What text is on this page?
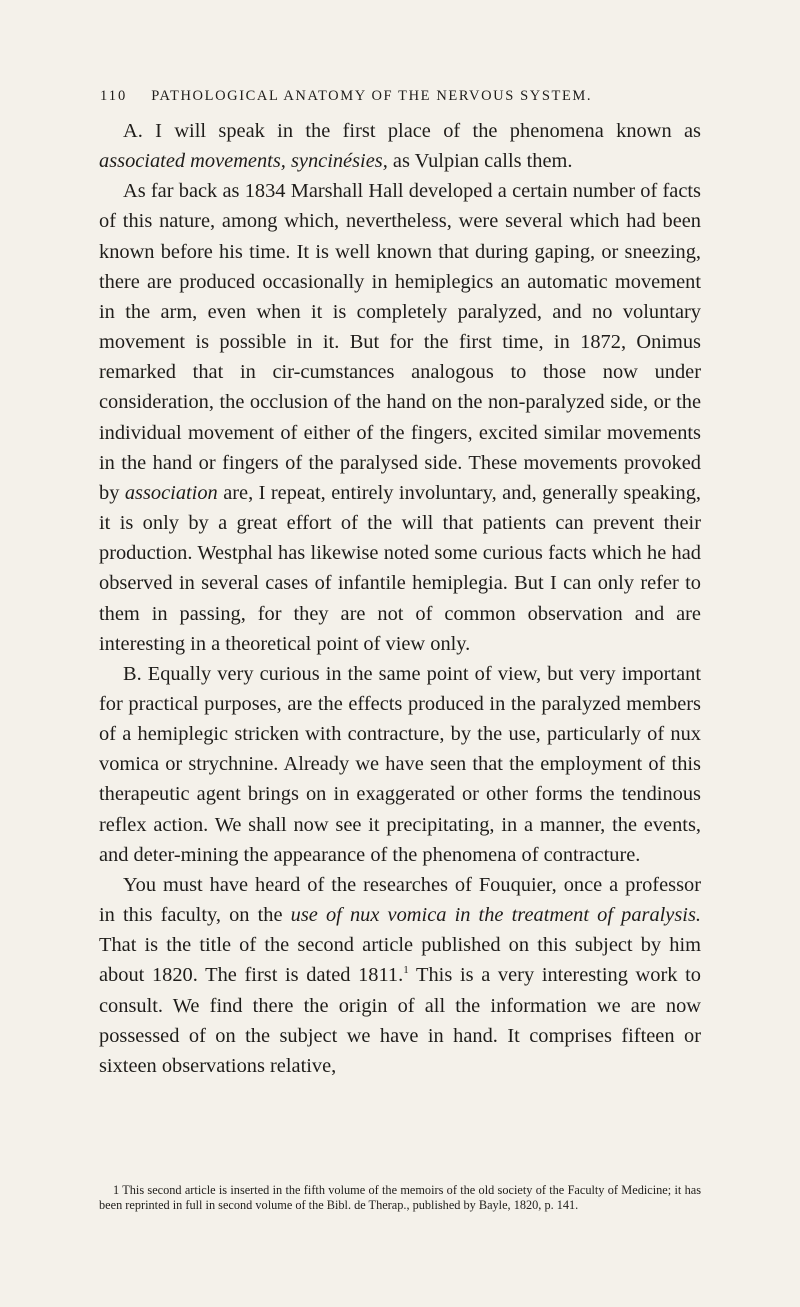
110 PATHOLOGICAL ANATOMY OF THE NERVOUS SYSTEM.

A. I will speak in the first place of the phenomena known as associated movements, syncinésies, as Vulpian calls them.

As far back as 1834 Marshall Hall developed a certain number of facts of this nature, among which, nevertheless, were several which had been known before his time. It is well known that during gaping, or sneezing, there are produced occasionally in hemiplegics an automatic movement in the arm, even when it is completely paralyzed, and no voluntary movement is possible in it. But for the first time, in 1872, Onimus remarked that in cir-cumstances analogous to those now under consideration, the occlusion of the hand on the non-paralyzed side, or the individual movement of either of the fingers, excited similar movements in the hand or fingers of the paralysed side. These movements provoked by association are, I repeat, entirely involuntary, and, generally speaking, it is only by a great effort of the will that patients can prevent their production. Westphal has likewise noted some curious facts which he had observed in several cases of infantile hemiplegia. But I can only refer to them in passing, for they are not of common observation and are interesting in a theoretical point of view only.

B. Equally very curious in the same point of view, but very important for practical purposes, are the effects produced in the paralyzed members of a hemiplegic stricken with contracture, by the use, particularly of nux vomica or strychnine. Already we have seen that the employment of this therapeutic agent brings on in exaggerated or other forms the tendinous reflex action. We shall now see it precipitating, in a manner, the events, and deter-mining the appearance of the phenomena of contracture.

You must have heard of the researches of Fouquier, once a professor in this faculty, on the use of nux vomica in the treatment of paralysis. That is the title of the second article published on this subject by him about 1820. The first is dated 1811.$^1$ This is a very interesting work to consult. We find there the origin of all the information we are now possessed of on the subject we have in hand. It comprises fifteen or sixteen observations relative,

1 This second article is inserted in the fifth volume of the memoirs of the old society of the Faculty of Medicine; it has been reprinted in full in second volume of the Bibl. de Therap., published by Bayle, 1820, p. 141.
